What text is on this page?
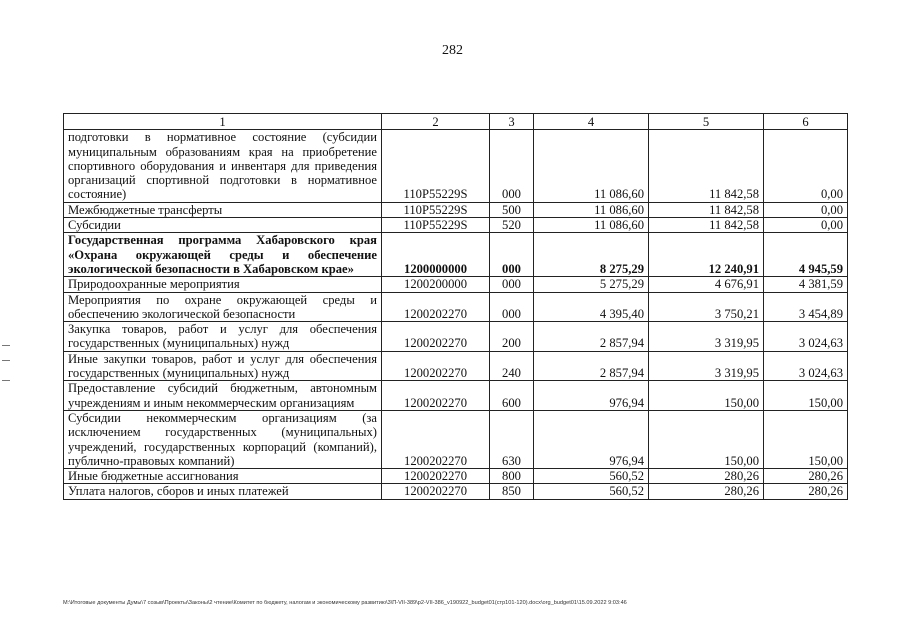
282
1	2	3	4	5	6
подготовки в нормативное состояние (субсидии муниципальным образованиям края на приобретение спортивного оборудования и инвентаря для приведения организаций спортивной подготовки в нормативное состояние)	110Р55229S	000	11 086,60	11 842,58	0,00
Межбюджетные трансферты	110Р55229S	500	11 086,60	11 842,58	0,00
Субсидии	110Р55229S	520	11 086,60	11 842,58	0,00
Государственная программа Хабаровского края «Охрана окружающей среды и обеспечение экологической безопасности в Хабаровском крае»	1200000000	000	8 275,29	12 240,91	4 945,59
Природоохранные мероприятия	1200200000	000	5 275,29	4 676,91	4 381,59
Мероприятия по охране окружающей среды и обеспечению экологической безопасности	1200202270	000	4 395,40	3 750,21	3 454,89
Закупка товаров, работ и услуг для обеспечения государственных (муниципальных) нужд	1200202270	200	2 857,94	3 319,95	3 024,63
Иные закупки товаров, работ и услуг для обеспечения государственных (муниципальных) нужд	1200202270	240	2 857,94	3 319,95	3 024,63
Предоставление субсидий бюджетным, автономным учреждениям и иным некоммерческим организациям	1200202270	600	976,94	150,00	150,00
Субсидии некоммерческим организациям (за исключением государственных (муниципальных) учреждений, государственных корпораций (компаний), публично-правовых компаний)	1200202270	630	976,94	150,00	150,00
Иные бюджетные ассигнования	1200202270	800	560,52	280,26	280,26
Уплата налогов, сборов и иных платежей	1200202270	850	560,52	280,26	280,26
M:\Итоговые документы Думы\7 созыв\Проекты\Законы\2 чтение\Комитет по бюджету, налогам и экономическому развитию\3\П-VII-389\р2-VII-386_v190922_budget01(стр101-120).docx\org_budget01\15.09.2022 9:03:46
